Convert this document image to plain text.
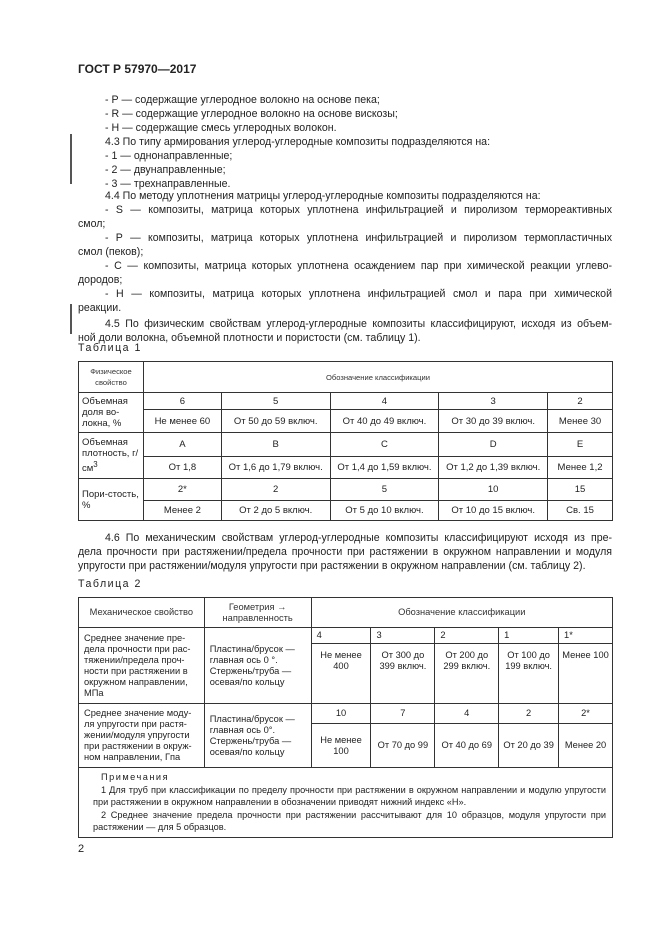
ГОСТ Р 57970—2017
- Р — содержащие углеродное волокно на основе пека;
- R — содержащие углеродное волокно на основе вискозы;
- Н — содержащие смесь углеродных волокон.
4.3 По типу армирования углерод-углеродные композиты подразделяются на:
- 1 — однонаправленные;
- 2 — двунаправленные;
- 3 — трехнаправленные.
4.4 По методу уплотнения матрицы углерод-углеродные композиты подразделяются на:
- S — композиты, матрица которых уплотнена инфильтрацией и пиролизом термореактивных
смол;
- Р — композиты, матрица которых уплотнена инфильтрацией и пиролизом термопластичных
смол (пеков);
- С — композиты, матрица которых уплотнена осаждением пар при химической реакции углево-
дородов;
- Н — композиты, матрица которых уплотнена инфильтрацией смол и пара при химической
реакции.
4.5 По физическим свойствам углерод-углеродные композиты классифицируют, исходя из объем-
ной доли волокна, объемной плотности и пористости (см. таблицу 1).
Таблица 1
Физическое свойство	Обозначение классификации				
Объемная доля во-локна, %	6	5	4	3	2
	Не менее 60	От 50 до 59 включ.	От 40 до 49 включ.	От 30 до 39 включ.	Менее 30
Объемная плотность, $г/см^3$	A	B	C	D	E
	От 1,8	От 1,6 до 1,79 включ.	От 1,4 до 1,59 включ.	От 1,2 до 1,39 включ.	Менее 1,2
Пори-стость, %	2*	2	5	10	15
	Менее 2	От 2 до 5 включ.	От 5 до 10 включ.	От 10 до 15 включ.	Св. 15
4.6 По механическим свойствам углерод-углеродные композиты классифицируют исходя из пре-
дела прочности при растяжении/предела прочности при растяжении в окружном направлении и модуля
упругости при растяжении/модуля упругости при растяжении в окружном направлении (см. таблицу 2).
Таблица 2
Механическое свойство	Геометрия → направленность	Обозначение классификации				
Среднее значение пре-дела прочности при рас-тяжении/предела проч-ности при растяжении в окружном направлении, МПа	Пластина/брусок — главная ось 0 °. Стержень/труба — осевая/по кольцу	4	3	2	1	1*
		Не менее 400	От 300 до 399 включ.	От 200 до 299 включ.	От 100 до 199 включ.	Менее 100
Среднее значение моду-ля упругости при растя-жении/модуля упругости при растяжении в окруж-ном направлении, Гпа	Пластина/брусок — главная ось 0°. Стержень/труба — осевая/по кольцу	10	7	4	2	2*
		Не менее 100	От 70 до 99	От 40 до 69	От 20 до 39	Менее 20

Примечания
1 Для труб при классификации по пределу прочности при растяжении в окружном направлении и модулю упругости при растяжении в окружном направлении в обозначении приводят нижний индекс «Н».
2 Среднее значение предела прочности при растяжении рассчитывают для 10 образцов, модуля упругости при растяжении — для 5 образцов.						
2
